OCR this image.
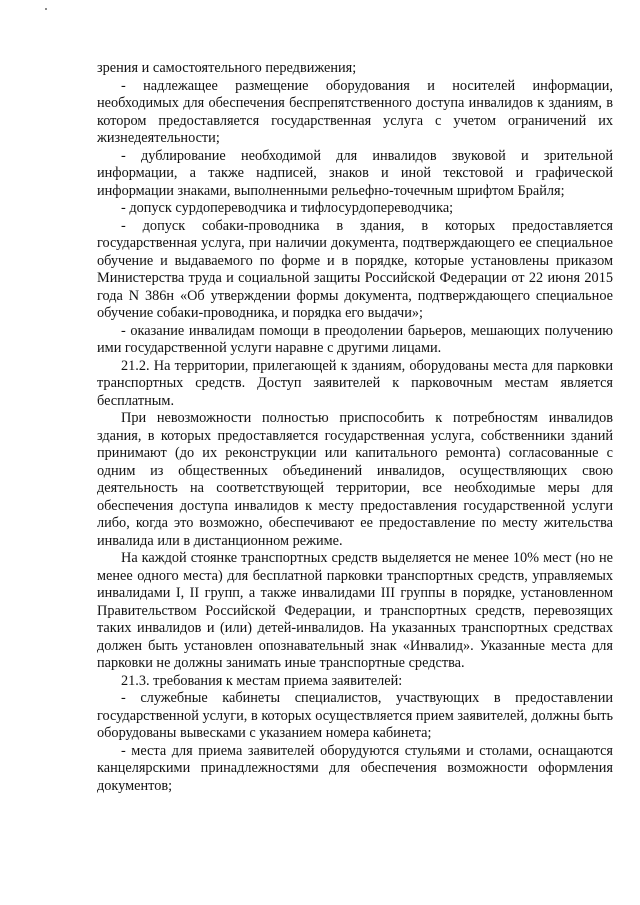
зрения и самостоятельного передвижения;

- надлежащее размещение оборудования и носителей информации, необходимых для обеспечения беспрепятственного доступа инвалидов к зданиям, в котором предоставляется государственная услуга с учетом ограничений их жизнедеятельности;

- дублирование необходимой для инвалидов звуковой и зрительной информации, а также надписей, знаков и иной текстовой и графической информации знаками, выполненными рельефно-точечным шрифтом Брайля;

- допуск сурдопереводчика и тифлосурдопереводчика;

- допуск собаки-проводника в здания, в которых предоставляется государственная услуга, при наличии документа, подтверждающего ее специальное обучение и выдаваемого по форме и в порядке, которые установлены приказом Министерства труда и социальной защиты Российской Федерации от 22 июня 2015 года N 386н «Об утверждении формы документа, подтверждающего специальное обучение собаки-проводника, и порядка его выдачи»;

- оказание инвалидам помощи в преодолении барьеров, мешающих получению ими государственной услуги наравне с другими лицами.

21.2. На территории, прилегающей к зданиям, оборудованы места для парковки транспортных средств. Доступ заявителей к парковочным местам является бесплатным.

При невозможности полностью приспособить к потребностям инвалидов здания, в которых предоставляется государственная услуга, собственники зданий принимают (до их реконструкции или капитального ремонта) согласованные с одним из общественных объединений инвалидов, осуществляющих свою деятельность на соответствующей территории, все необходимые меры для обеспечения доступа инвалидов к месту предоставления государственной услуги либо, когда это возможно, обеспечивают ее предоставление по месту жительства инвалида или в дистанционном режиме.

На каждой стоянке транспортных средств выделяется не менее 10% мест (но не менее одного места) для бесплатной парковки транспортных средств, управляемых инвалидами I, II групп, а также инвалидами III группы в порядке, установленном Правительством Российской Федерации, и транспортных средств, перевозящих таких инвалидов и (или) детей-инвалидов. На указанных транспортных средствах должен быть установлен опознавательный знак «Инвалид». Указанные места для парковки не должны занимать иные транспортные средства.

21.3. требования к местам приема заявителей:

- служебные кабинеты специалистов, участвующих в предоставлении государственной услуги, в которых осуществляется прием заявителей, должны быть оборудованы вывесками с указанием номера кабинета;

- места для приема заявителей оборудуются стульями и столами, оснащаются канцелярскими принадлежностями для обеспечения возможности оформления документов;
